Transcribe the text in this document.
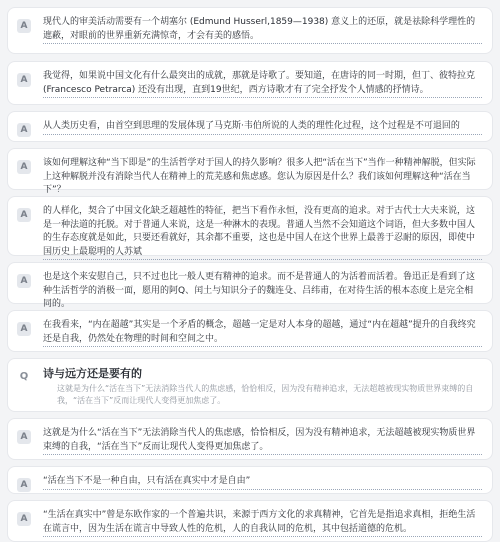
A	现代人的审美活动需要有一个胡塞尔 (Edmund Husserl,1859—1938) 意义上的还原，就是祛除科学理性的遮蔽，对眼前的世界重新充满惊奇，才会有美的感悟。
A	我觉得，如果说中国文化有什么最突出的成就，那就是诗歌了。要知道，在唐诗的同一时期，但丁、彼特拉克 (Francesco Petrarca) 还没有出现，直到19世纪，西方诗歌才有了完全抒发个人情感的抒情诗。
A	从人类历史看，由首空到思理的发展体现了马克斯·韦伯所说的人类的理性化过程，这个过程是不可退回的
A	该如何理解这种“当下即是”的生活哲学对于国人的持久影响？很多人把“活在当下”当作一种精神解脱，但实际上这种解脱并没有消除当代人在精神上的荒芜感和焦虑感。您认为原因是什么？我们该如何理解这种“活在当下”？
A	的人样化，契合了中国文化缺乏超越性的特征，把当下看作永恒，没有更高的追求。对于古代士大夫来说，这是一种法道的托脱。对于普通人来说，这是一种淋木的表现。普通人当然不会知道这个词语，但大多数中国人的生存态度就是如此，只要还看就好，其余都不重要，这也是中国人在这个世界上最善于忍耐的原因，即使中国历史上最聪明的人苏斌
A	也是这个来安慰自己，只不过也比一般人更有精神的追求。而不是普通人的为活着而活着。鲁迅正是看到了这种生活哲学的消极一面，愿用的阿Q、闰土与知识分子的魏连殳、吕纬甫，在对待生活的根本态度上是完全相同的。
A	在我看来，“内在超越”其实是一个矛盾的概念，超越一定是对人本身的超越，通过“内在超越”提升的自我终究还是自我，仍然处在物理的时间和空间之中。
Q 诗与远方还是要有的
这就是为什么“活在当下”无法消除当代人的焦虑感，恰恰相反，因为没有精神追求，无法超越被现实物质世界束缚的自我，“活在当下”反而让现代人变得更加焦虑了。
A	这就是为什么“活在当下”无法消除当代人的焦虑感，恰恰相反，因为没有精神追求，无法超越被现实物质世界束缚的自我，“活在当下”反而让现代人变得更加焦虑了。
A	“活在当下不是一种自由，只有活在真实中才是自由”
A	“生活在真实中”曾是东欧作家的一个普遍共识，来源于西方文化的求真精神，它首先是指追求真相，拒绝生活在谎言中，因为生活在谎言中导致人性的危机，人的自我认同的危机，其中包括道德的危机。
